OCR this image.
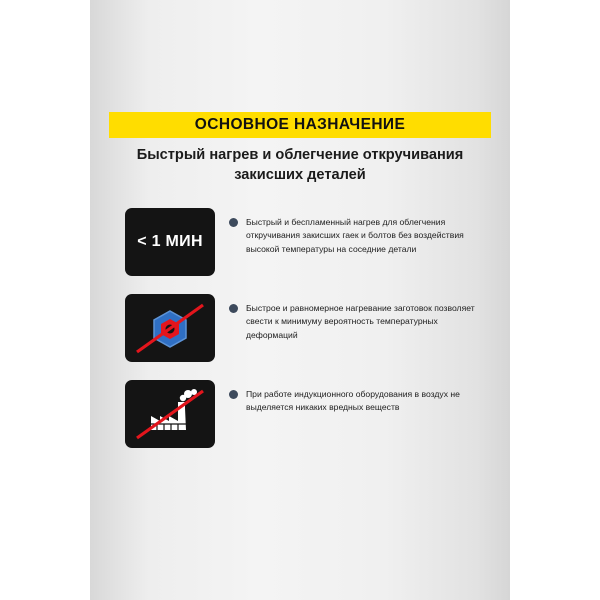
ОСНОВНОЕ НАЗНАЧЕНИЕ
Быстрый нагрев и облегчение откручивания
закисших деталей
< 1 МИН
Быстрый и беспламенный нагрев для облегчения откручивания закисших гаек и болтов без воздействия высокой температуры на соседние детали
Быстрое и равномерное нагревание заготовок позволяет свести к минимуму вероятность температурных деформаций
При работе индукционного оборудования в воздух не выделяется никаких вредных веществ
